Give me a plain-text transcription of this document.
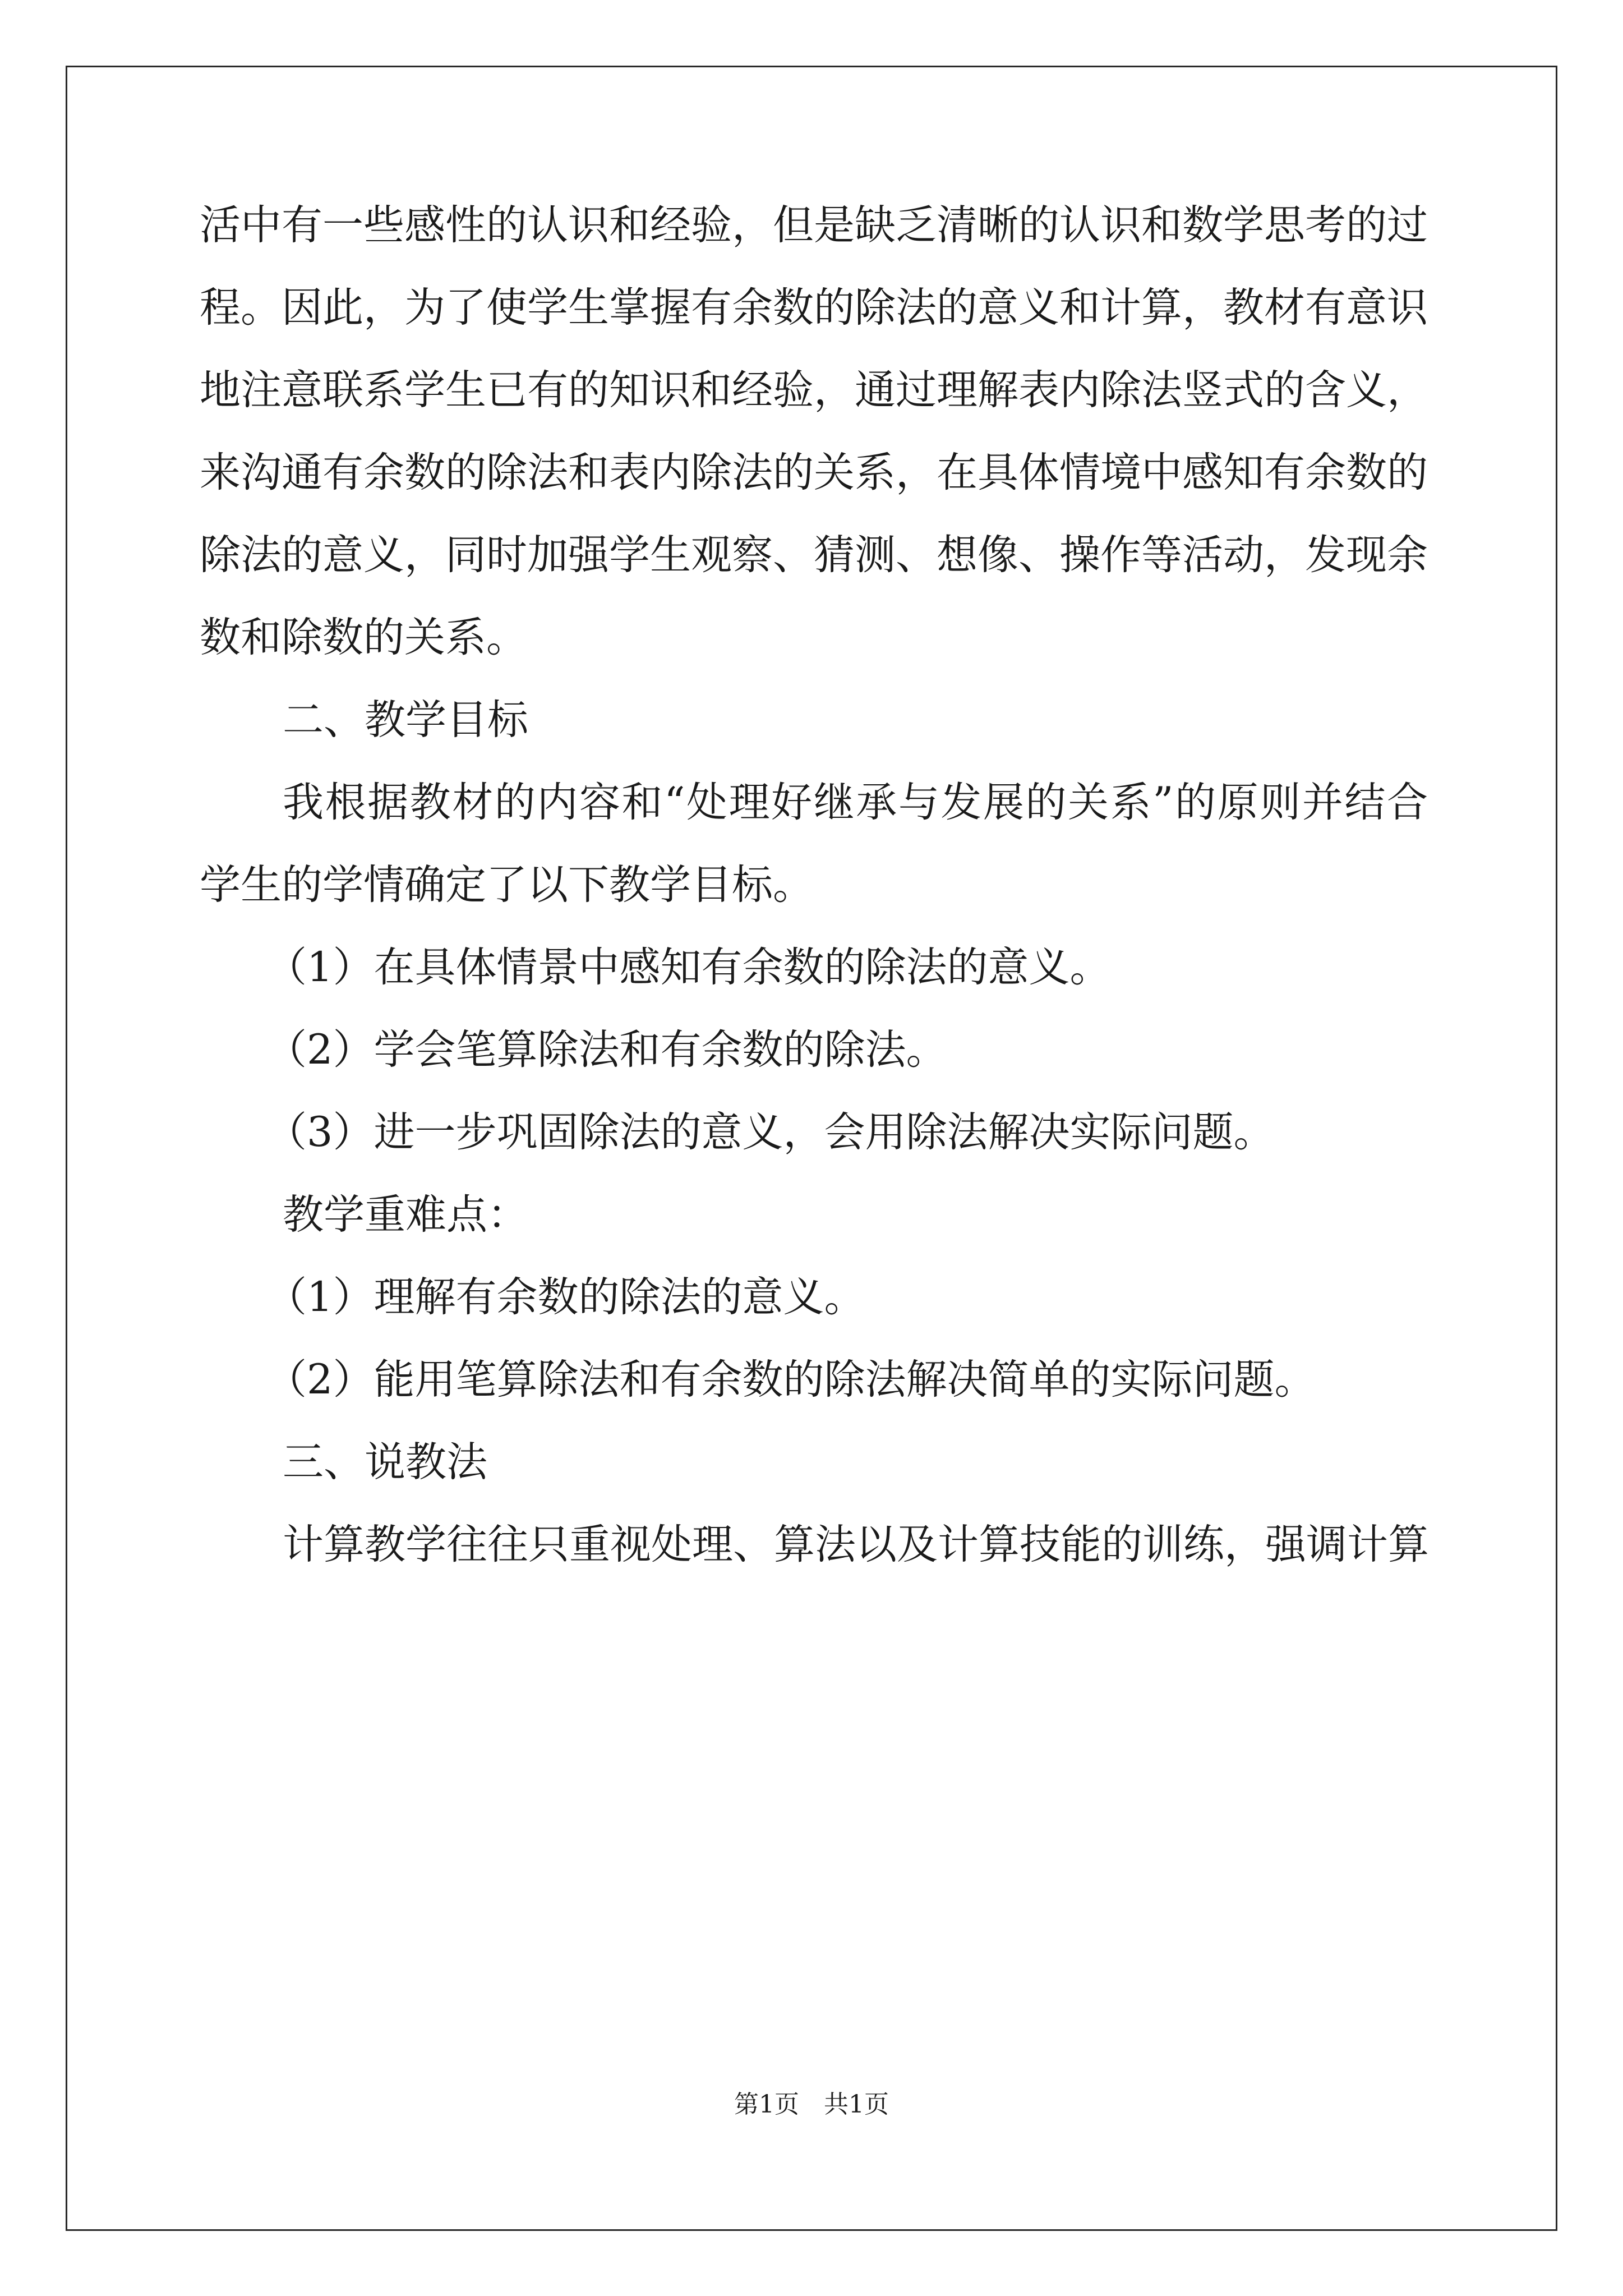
活中有一些感性的认识和经验，但是缺乏清晰的认识和数学思考的过
程。因此，为了使学生掌握有余数的除法的意义和计算，教材有意识
地注意联系学生已有的知识和经验，通过理解表内除法竖式的含义，
来沟通有余数的除法和表内除法的关系，在具体情境中感知有余数的
除法的意义，同时加强学生观察、猜测、想像、操作等活动，发现余
数和除数的关系。
二、教学目标
我根据教材的内容和“处理好继承与发展的关系”的原则并结合
学生的学情确定了以下教学目标。
（1）在具体情景中感知有余数的除法的意义。
（2）学会笔算除法和有余数的除法。
（3）进一步巩固除法的意义，会用除法解决实际问题。
教学重难点：
（1）理解有余数的除法的意义。
（2）能用笔算除法和有余数的除法解决简单的实际问题。
三、说教法
计算教学往往只重视处理、算法以及计算技能的训练，强调计算
第1页　共1页
